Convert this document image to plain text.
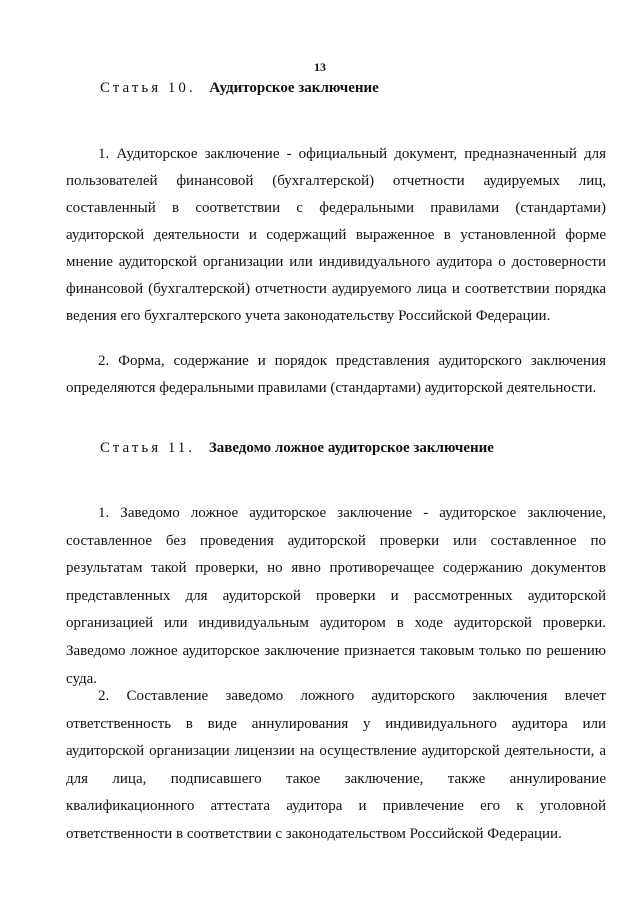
13
Статья 10. Аудиторское заключение

1. Аудиторское заключение - официальный документ, предназначенный для пользователей финансовой (бухгалтерской) отчетности аудируемых лиц, составленный в соответствии с федеральными правилами (стандартами) аудиторской деятельности и содержащий выраженное в установленной форме мнение аудиторской организации или индивидуального аудитора о достоверности финансовой (бухгалтерской) отчетности аудируемого лица и соответствии порядка ведения его бухгалтерского учета законодательству Российской Федерации.

2. Форма, содержание и порядок представления аудиторского заключения определяются федеральными правилами (стандартами) аудиторской деятельности.

Статья 11. Заведомо ложное аудиторское заключение

1. Заведомо ложное аудиторское заключение - аудиторское заключение, составленное без проведения аудиторской проверки или составленное по результатам такой проверки, но явно противоречащее содержанию документов представленных для аудиторской проверки и рассмотренных аудиторской организацией или индивидуальным аудитором в ходе аудиторской проверки. Заведомо ложное аудиторское заключение признается таковым только по решению суда.

2. Составление заведомо ложного аудиторского заключения влечет ответственность в виде аннулирования у индивидуального аудитора или аудиторской организации лицензии на осуществление аудиторской деятельности, а для лица, подписавшего такое заключение, также аннулирование квалификационного аттестата аудитора и привлечение его к уголовной ответственности в соответствии с законодательством Российской Федерации.
